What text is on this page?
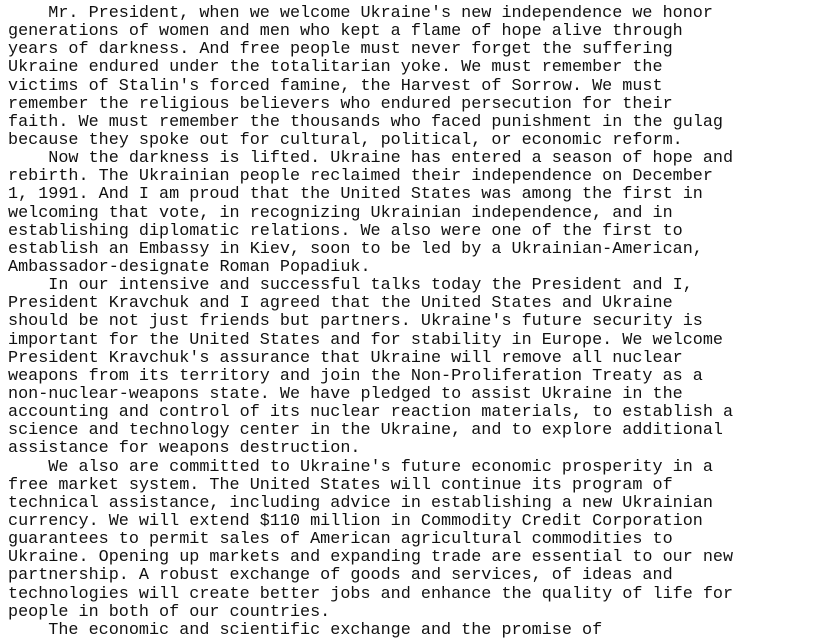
Mr. President, when we welcome Ukraine's new independence we honor
generations of women and men who kept a flame of hope alive through
years of darkness. And free people must never forget the suffering
Ukraine endured under the totalitarian yoke. We must remember the
victims of Stalin's forced famine, the Harvest of Sorrow. We must
remember the religious believers who endured persecution for their
faith. We must remember the thousands who faced punishment in the gulag
because they spoke out for cultural, political, or economic reform.
Now the darkness is lifted. Ukraine has entered a season of hope and
rebirth. The Ukrainian people reclaimed their independence on December
1, 1991. And I am proud that the United States was among the first in
welcoming that vote, in recognizing Ukrainian independence, and in
establishing diplomatic relations. We also were one of the first to
establish an Embassy in Kiev, soon to be led by a Ukrainian-American,
Ambassador-designate Roman Popadiuk.
In our intensive and successful talks today the President and I,
President Kravchuk and I agreed that the United States and Ukraine
should be not just friends but partners. Ukraine's future security is
important for the United States and for stability in Europe. We welcome
President Kravchuk's assurance that Ukraine will remove all nuclear
weapons from its territory and join the Non-Proliferation Treaty as a
non-nuclear-weapons state. We have pledged to assist Ukraine in the
accounting and control of its nuclear reaction materials, to establish a
science and technology center in the Ukraine, and to explore additional
assistance for weapons destruction.
We also are committed to Ukraine's future economic prosperity in a
free market system. The United States will continue its program of
technical assistance, including advice in establishing a new Ukrainian
currency. We will extend $110 million in Commodity Credit Corporation
guarantees to permit sales of American agricultural commodities to
Ukraine. Opening up markets and expanding trade are essential to our new
partnership. A robust exchange of goods and services, of ideas and
technologies will create better jobs and enhance the quality of life for
people in both of our countries.
The economic and scientific exchange and the promise of
